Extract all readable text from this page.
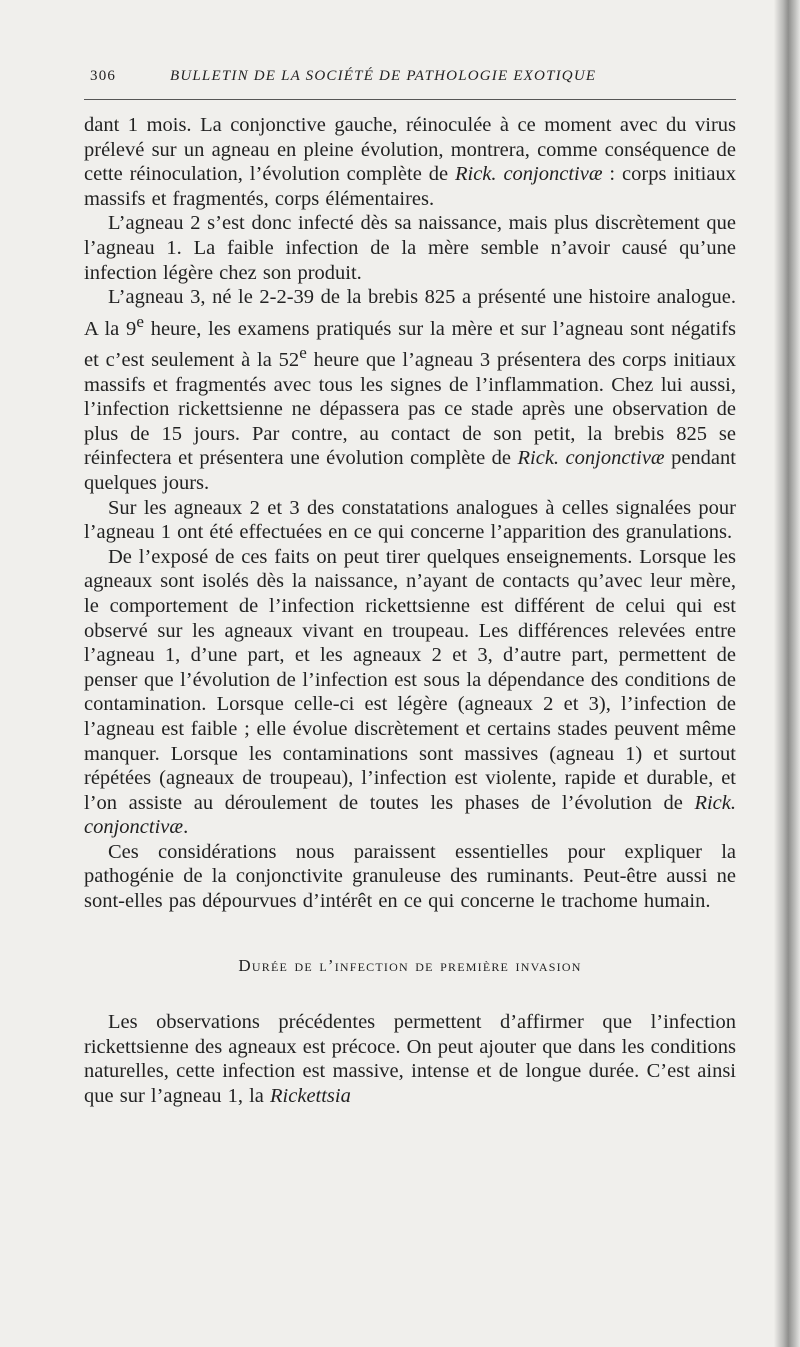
306	BULLETIN DE LA SOCIÉTÉ DE PATHOLOGIE EXOTIQUE

dant 1 mois. La conjonctive gauche, réinoculée à ce moment avec du virus prélevé sur un agneau en pleine évolution, montrera, comme conséquence de cette réinoculation, l’évolution complète de Rick. conjonctivæ : corps initiaux massifs et fragmentés, corps élémentaires.

L’agneau 2 s’est donc infecté dès sa naissance, mais plus discrètement que l’agneau 1. La faible infection de la mère semble n’avoir causé qu’une infection légère chez son produit.

L’agneau 3, né le 2-2-39 de la brebis 825 a présenté une histoire analogue. A la 9e heure, les examens pratiqués sur la mère et sur l’agneau sont négatifs et c’est seulement à la 52e heure que l’agneau 3 présentera des corps initiaux massifs et fragmentés avec tous les signes de l’inflammation. Chez lui aussi, l’infection rickettsienne ne dépassera pas ce stade après une observation de plus de 15 jours. Par contre, au contact de son petit, la brebis 825 se réinfectera et présentera une évolution complète de Rick. conjonctivæ pendant quelques jours.

Sur les agneaux 2 et 3 des constatations analogues à celles signalées pour l’agneau 1 ont été effectuées en ce qui concerne l’apparition des granulations.

De l’exposé de ces faits on peut tirer quelques enseignements. Lorsque les agneaux sont isolés dès la naissance, n’ayant de contacts qu’avec leur mère, le comportement de l’infection rickettsienne est différent de celui qui est observé sur les agneaux vivant en troupeau. Les différences relevées entre l’agneau 1, d’une part, et les agneaux 2 et 3, d’autre part, permettent de penser que l’évolution de l’infection est sous la dépendance des conditions de contamination. Lorsque celle-ci est légère (agneaux 2 et 3), l’infection de l’agneau est faible ; elle évolue discrètement et certains stades peuvent même manquer. Lorsque les contaminations sont massives (agneau 1) et surtout répétées (agneaux de troupeau), l’infection est violente, rapide et durable, et l’on assiste au déroulement de toutes les phases de l’évolution de Rick. conjonctivæ.

Ces considérations nous paraissent essentielles pour expliquer la pathogénie de la conjonctivite granuleuse des ruminants. Peut-être aussi ne sont-elles pas dépourvues d’intérêt en ce qui concerne le trachome humain.

Durée de l’infection de première invasion

Les observations précédentes permettent d’affirmer que l’infection rickettsienne des agneaux est précoce. On peut ajouter que dans les conditions naturelles, cette infection est massive, intense et de longue durée. C’est ainsi que sur l’agneau 1, la Rickettsia
